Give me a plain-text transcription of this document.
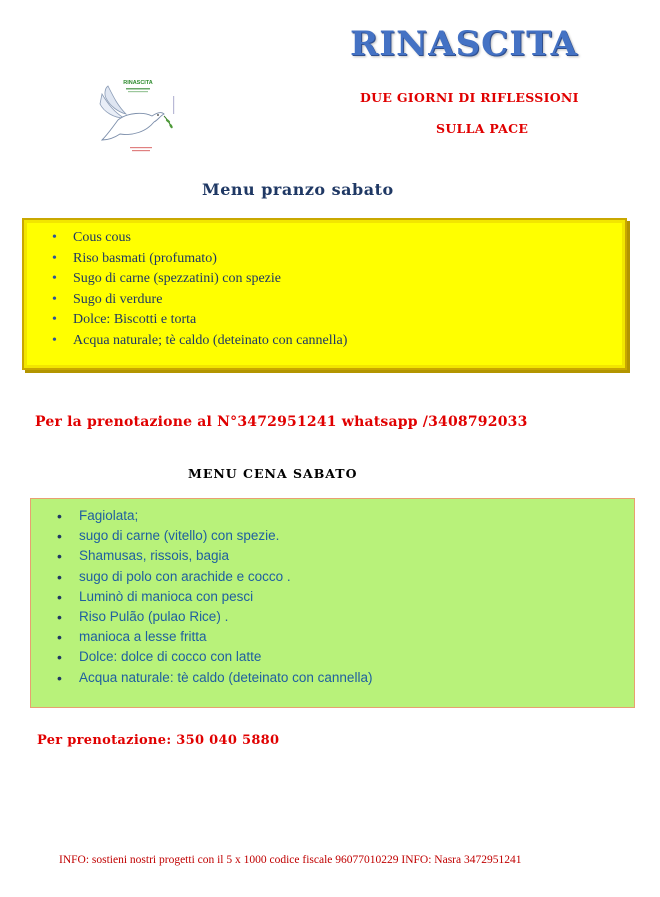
RINASCITA
DUE GIORNI DI RIFLESSIONI
SULLA PACE
RINASCITA
Menu pranzo sabato
• Cous cous
• Riso basmati (profumato)
• Sugo di carne (spezzatini) con spezie
• Sugo di verdure
• Dolce: Biscotti e torta
• Acqua naturale; tè caldo (deteinato con cannella)
Per la prenotazione al N°3472951241 whatsapp /3408792033
MENU CENA SABATO
• Fagiolata;
• sugo di carne (vitello) con spezie.
• Shamusas, rissois, bagia
• sugo di polo con arachide e cocco .
• Luminò di manioca con pesci
• Riso Pulão (pulao Rice) .
• manioca a lesse fritta
• Dolce: dolce di cocco con latte
• Acqua naturale: tè caldo (deteinato con cannella)
Per prenotazione: 350 040 5880
INFO: sostieni nostri progetti con il 5 x 1000 codice fiscale 96077010229 INFO: Nasra 3472951241
